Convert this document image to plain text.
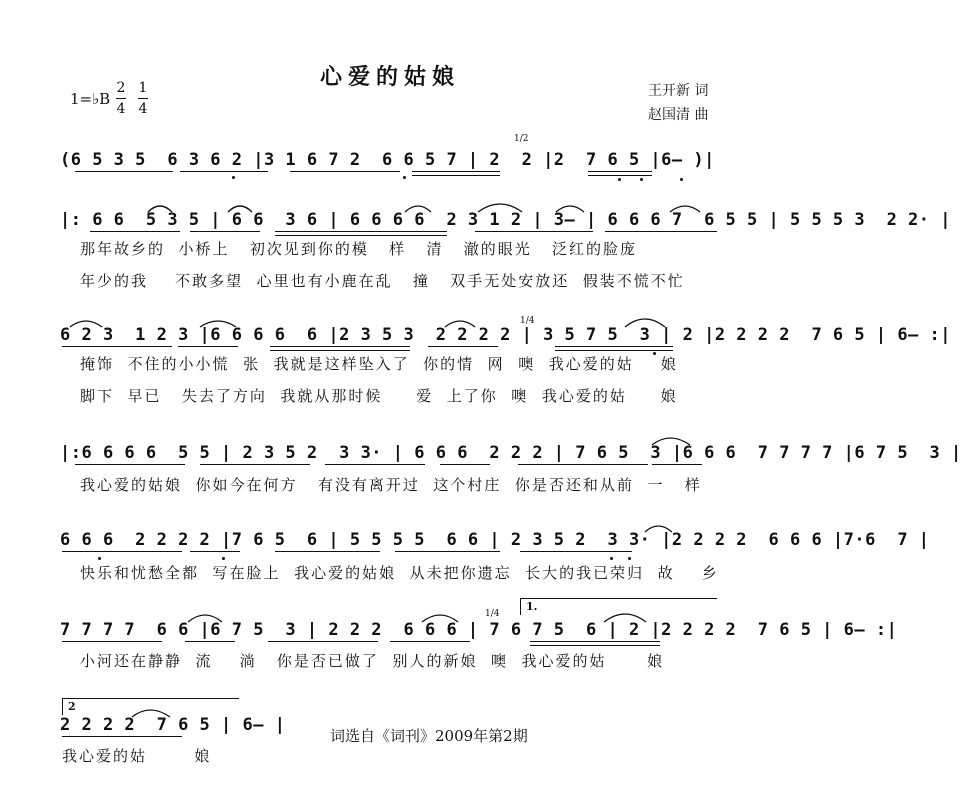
心爱的姑娘
王开新 词
赵国清 曲
1=♭B
2
4
1
4
(6 5 3 5  6 3 6 2 |3 1 6 7 2  6 6 5 7 | 2  2 |2  7 6 5 |6— )|
|: 6 6  5 3 5 | 6 6  3 6 | 6 6 6 6  2 3 1 2 | 3— | 6 6 6 7  6 5 5 | 5 5 5 3  2 2· |
那年故乡的  小桥上   初次见到你的模   样   清   澈的眼光   泛红的脸庞
年少的我    不敢多望  心里也有小鹿在乱   撞   双手无处安放还  假装不慌不忙
6 2 3  1 2 3 |6 6 6 6  6 |2 3 5 3  2 2 2 2 | 3 5 7 5  3 | 2 |2 2 2 2  7 6 5 | 6— :|
掩饰  不住的小小慌  张  我就是这样坠入了  你的情  网  噢  我心爱的姑    娘
脚下  早已   失去了方向  我就从那时候     爱  上了你  噢  我心爱的姑     娘
|:6 6 6 6  5 5 | 2 3 5 2  3 3· | 6 6 6  2 2 2 | 7 6 5  3 |6 6 6  7 7 7 7 |6 7 5  3 |
我心爱的姑娘  你如今在何方   有没有离开过  这个村庄  你是否还和从前  一   样
6 6 6  2 2 2 2 |7 6 5  6 | 5 5 5 5  6 6 | 2 3 5 2  3 3· |2 2 2 2  6 6 6 |7·6  7 |
快乐和忧愁全都  写在脸上  我心爱的姑娘  从未把你遗忘  长大的我已荣归  故    乡
7 7 7 7  6 6 |6 7 5  3 | 2 2 2  6 6 6 | 7 6 7 5  6 | 2 |2 2 2 2  7 6 5 | 6— :|
小河还在静静  流    淌   你是否已做了  别人的新娘  噢  我心爱的姑      娘
2 2 2 2  7 6 5 | 6— |
我心爱的姑       娘
词选自《词刊》2009年第2期
1/2
1/4
1/4
1.
2
